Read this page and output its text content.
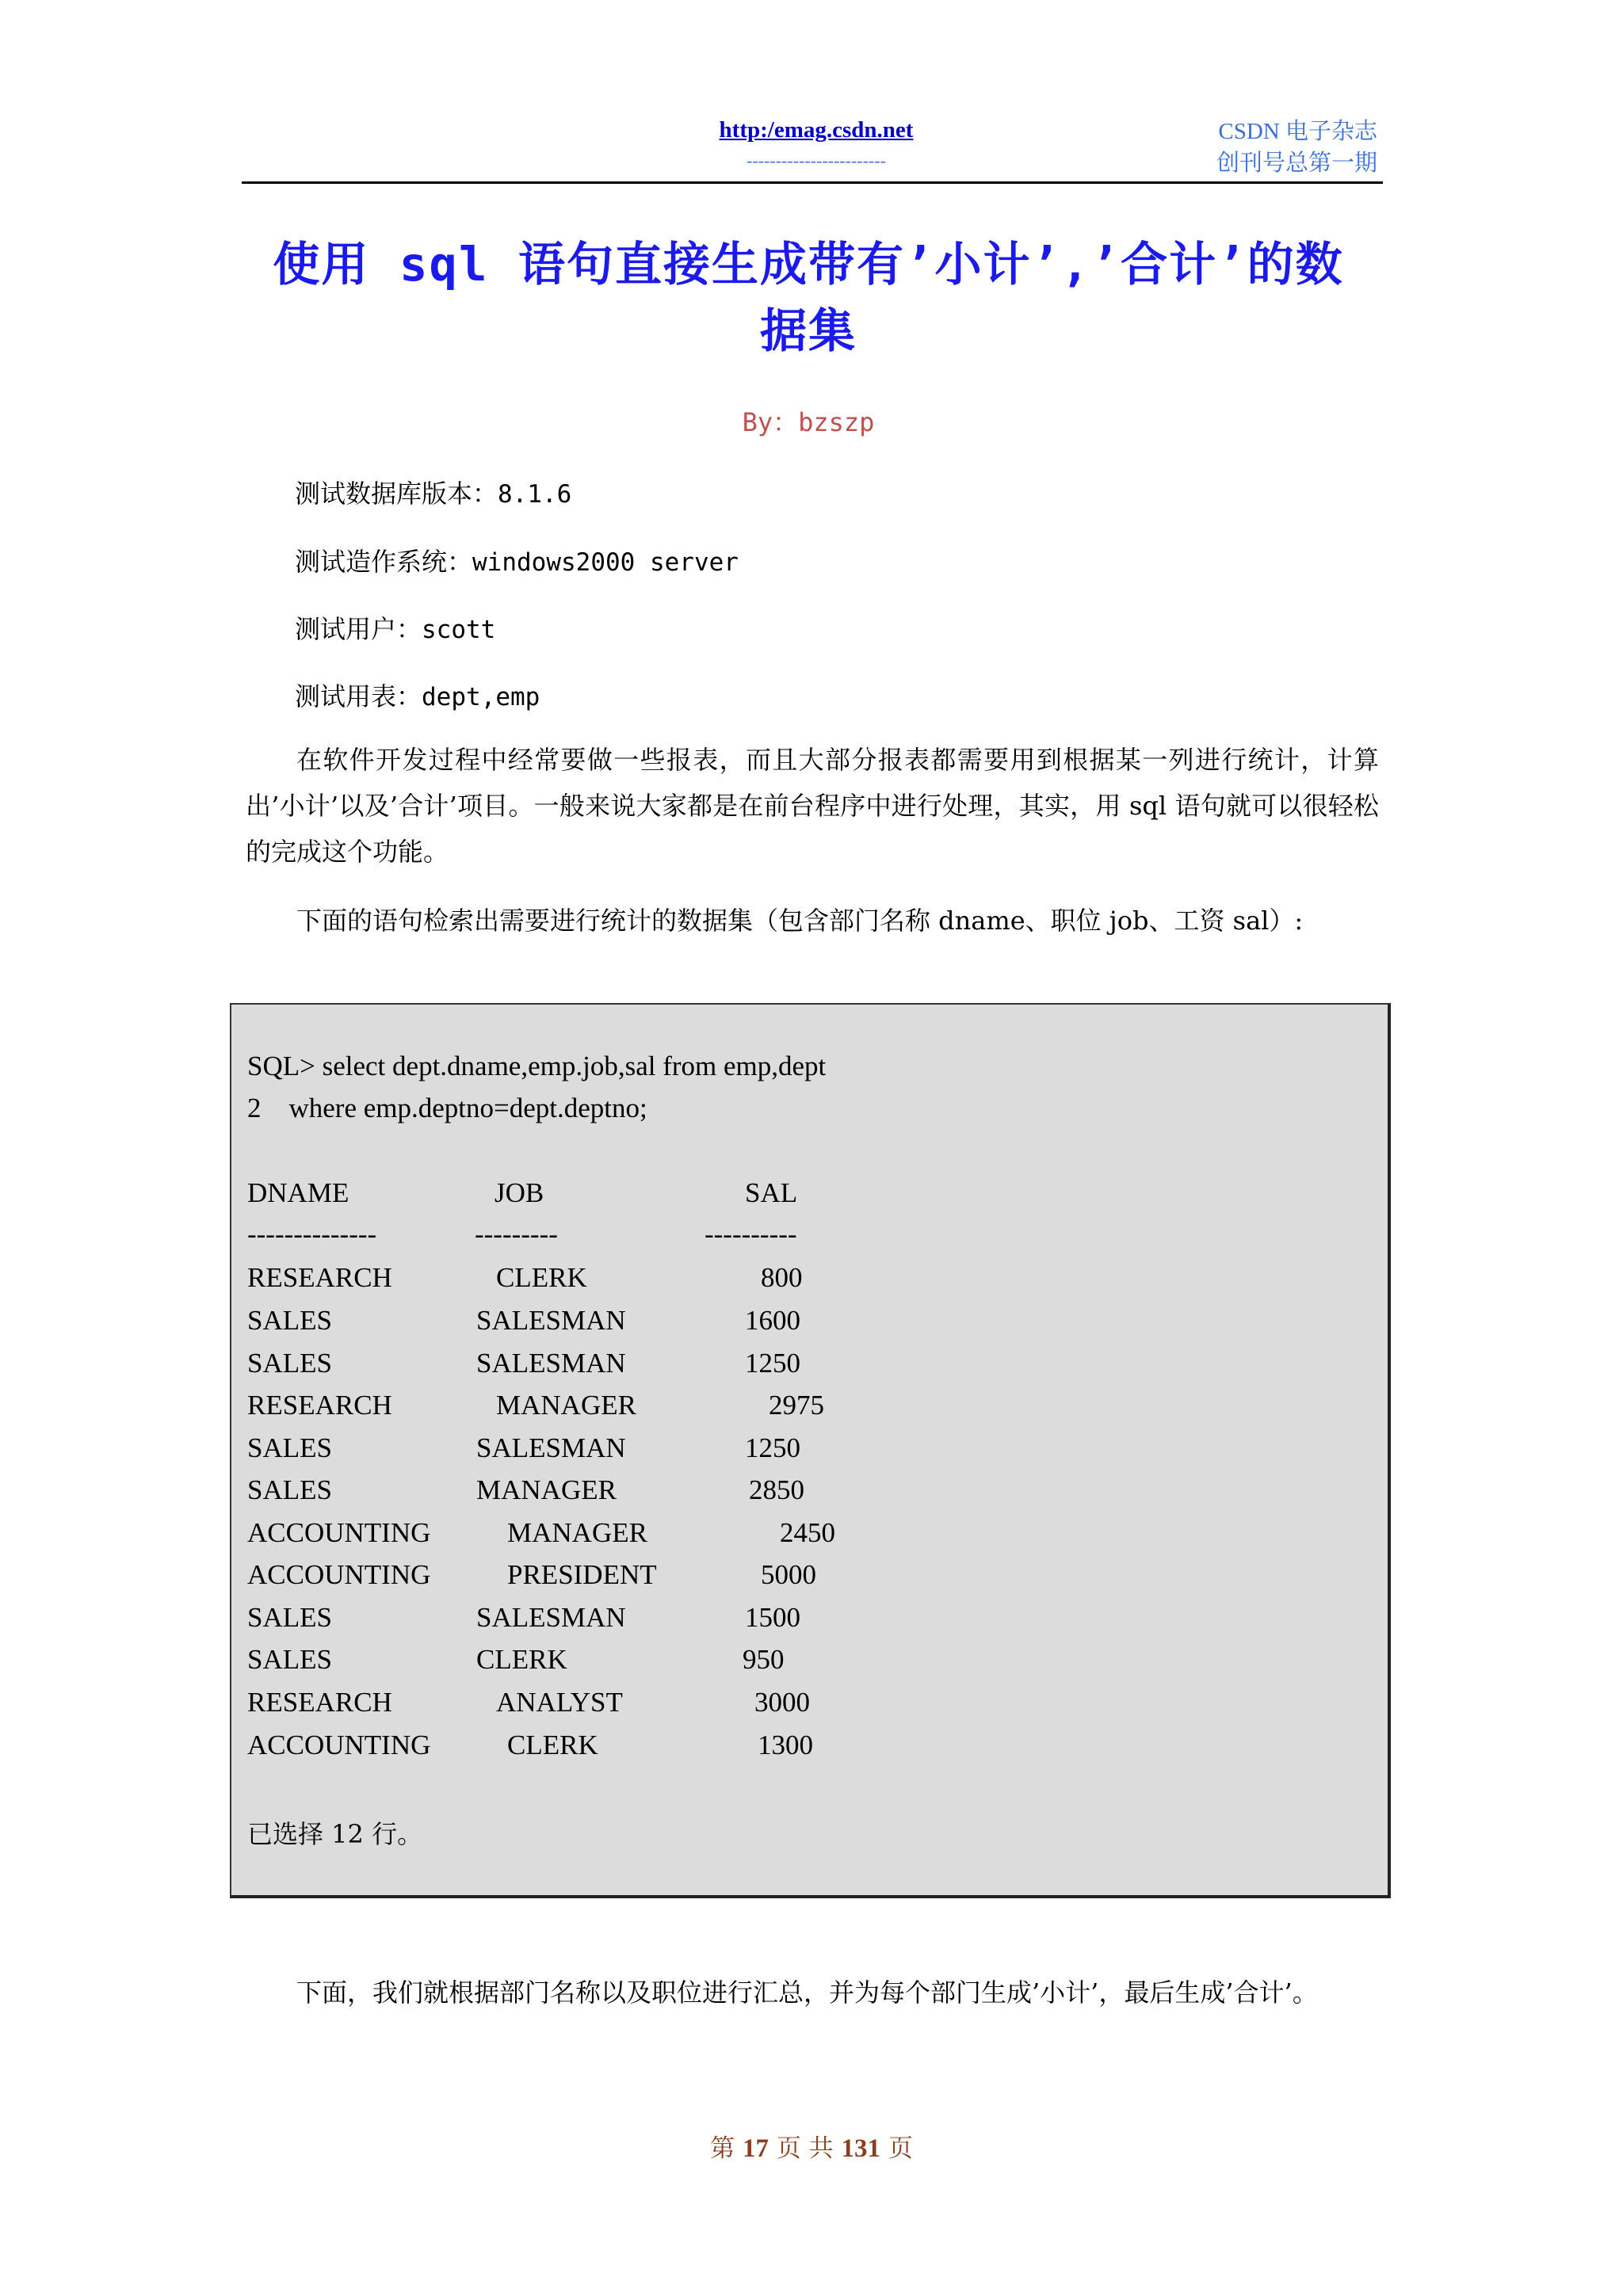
http:/emag.csdn.net
------------------------
CSDN 电子杂志
创刊号总第一期
使用 sql 语句直接生成带有’小计’,’合计’的数
据集
By：bzszp
测试数据库版本：8.1.6
测试造作系统：windows2000 server
测试用户：scott
测试用表：dept,emp
在软件开发过程中经常要做一些报表，而且大部分报表都需要用到根据某一列进行统计，计算出’小计’以及’合计’项目。一般来说大家都是在前台程序中进行处理，其实，用 sql 语句就可以很轻松的完成这个功能。
下面的语句检索出需要进行统计的数据集（包含部门名称 dname、职位 job、工资 sal）:
SQL> select dept.dname,emp.job,sal from emp,dept
2    where emp.deptno=dept.deptno;
DNAME	JOB	SAL
--------------	---------	----------
RESEARCH	CLERK	800
SALES	SALESMAN	1600
SALES	SALESMAN	1250
RESEARCH	MANAGER	2975
SALES	SALESMAN	1250
SALES	MANAGER	2850
ACCOUNTING	MANAGER	2450
ACCOUNTING	PRESIDENT	5000
SALES	SALESMAN	1500
SALES	CLERK	950
RESEARCH	ANALYST	3000
ACCOUNTING	CLERK	1300
已选择 12 行。
下面，我们就根据部门名称以及职位进行汇总，并为每个部门生成’小计’，最后生成’合计’。
第 17 页 共 131 页
